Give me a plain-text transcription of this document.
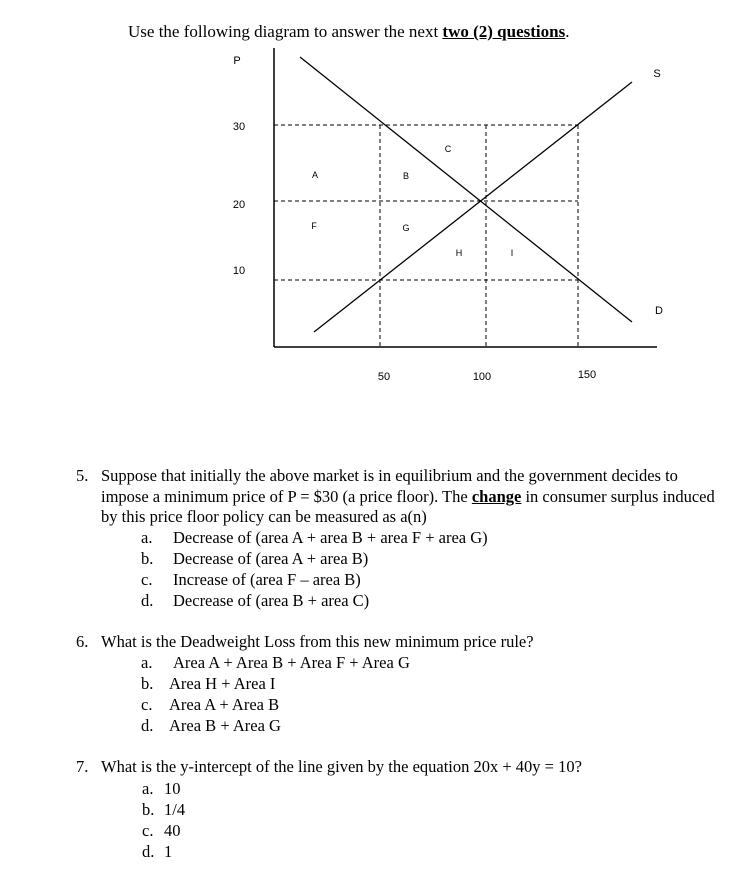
Use the following diagram to answer the next two (2) questions.
P
30
20
10
50	100	150
S
D
A	B
C
F	G
H	I
5. Suppose that initially the above market is in equilibrium and the government decides to impose a minimum price of P = $30 (a price floor). The change in consumer surplus induced by this price floor policy can be measured as a(n)
a. Decrease of (area A + area B + area F + area G)
b. Decrease of (area A + area B)
c. Increase of (area F – area B)
d. Decrease of (area B + area C)
6. What is the Deadweight Loss from this new minimum price rule?
a. Area A + Area B + Area F + Area G
b. Area H + Area I
c. Area A + Area B
d. Area B + Area G
7. What is the y-intercept of the line given by the equation 20x + 40y = 10?
a. 10
b. 1/4
c. 40
d. 1
